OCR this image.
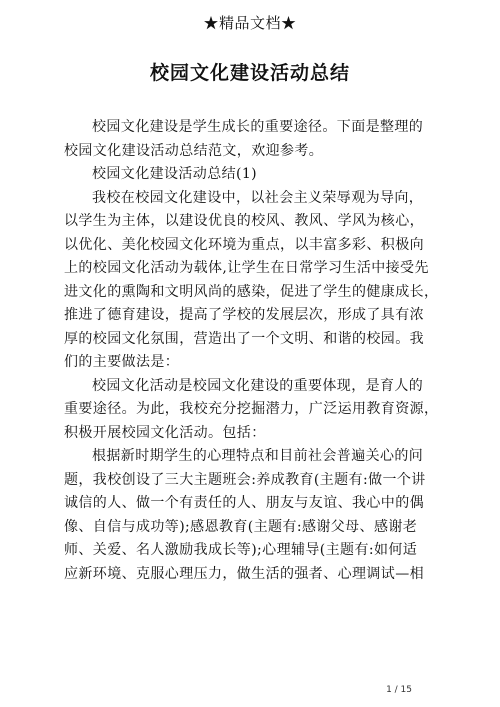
★精品文档★
校园文化建设活动总结
校园文化建设是学生成长的重要途径。下面是整理的
校园文化建设活动总结范文，欢迎参考。
校园文化建设活动总结(1)
我校在校园文化建设中，以社会主义荣辱观为导向，
以学生为主体，以建设优良的校风、教风、学风为核心，
以优化、美化校园文化环境为重点，以丰富多彩、积极向
上的校园文化活动为载体,让学生在日常学习生活中接受先
进文化的熏陶和文明风尚的感染，促进了学生的健康成长，
推进了德育建设，提高了学校的发展层次，形成了具有浓
厚的校园文化氛围，营造出了一个文明、和谐的校园。我
们的主要做法是：
校园文化活动是校园文化建设的重要体现，是育人的
重要途径。为此，我校充分挖掘潜力，广泛运用教育资源，
积极开展校园文化活动。包括：
根据新时期学生的心理特点和目前社会普遍关心的问
题，我校创设了三大主题班会:养成教育(主题有:做一个讲
诚信的人、做一个有责任的人、朋友与友谊、我心中的偶
像、自信与成功等);感恩教育(主题有:感谢父母、感谢老
师、关爱、名人激励我成长等);心理辅导(主题有:如何适
应新环境、克服心理压力，做生活的强者、心理调试—相
1 / 15
